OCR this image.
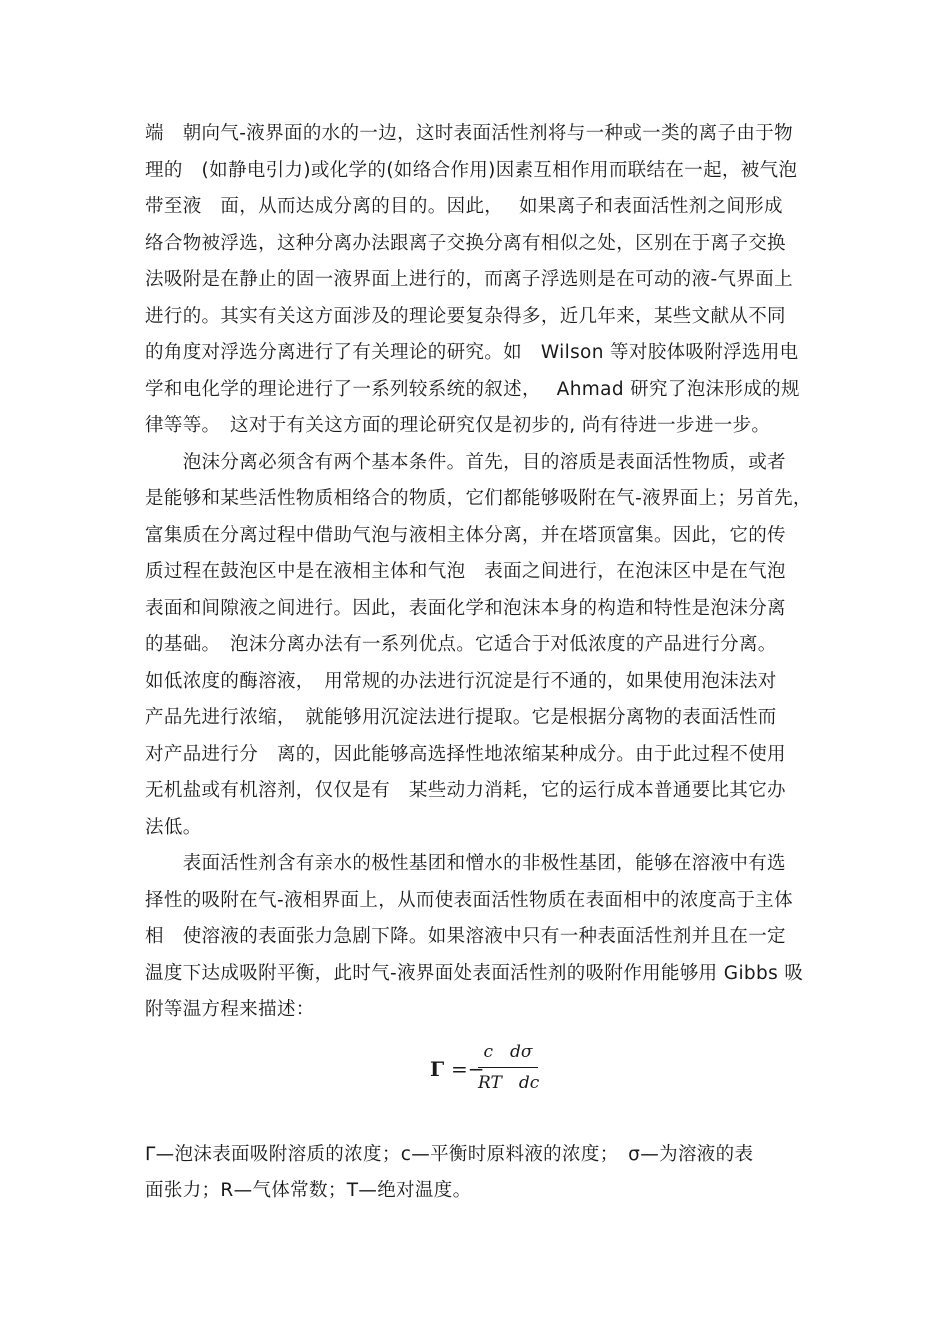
端　朝向气-液界面的水的一边，这时表面活性剂将与一种或一类的离子由于物
理的　(如静电引力)或化学的(如络合作用)因素互相作用而联结在一起，被气泡
带至液　面，从而达成分离的目的。因此，　 如果离子和表面活性剂之间形成
络合物被浮选，这种分离办法跟离子交换分离有相似之处，区别在于离子交换
法吸附是在静止的固一液界面上进行的，而离子浮选则是在可动的液-气界面上
进行的。其实有关这方面涉及的理论要复杂得多，近几年来，某些文献从不同
的角度对浮选分离进行了有关理论的研究。如　Wilson 等对胶体吸附浮选用电
学和电化学的理论进行了一系列较系统的叙述，　 Ahmad 研究了泡沫形成的规
律等等。　这对于有关这方面的理论研究仅是初步的, 尚有待进一步进一步。
　　泡沫分离必须含有两个基本条件。首先，目的溶质是表面活性物质，或者
是能够和某些活性物质相络合的物质，它们都能够吸附在气-液界面上；另首先，
富集质在分离过程中借助气泡与液相主体分离，并在塔顶富集。因此，它的传
质过程在鼓泡区中是在液相主体和气泡　表面之间进行，在泡沫区中是在气泡
表面和间隙液之间进行。因此，表面化学和泡沫本身的构造和特性是泡沫分离
的基础。　泡沫分离办法有一系列优点。它适合于对低浓度的产品进行分离。
如低浓度的酶溶液，　用常规的办法进行沉淀是行不通的，如果使用泡沫法对
产品先进行浓缩，　就能够用沉淀法进行提取。它是根据分离物的表面活性而
对产品进行分　离的，因此能够高选择性地浓缩某种成分。由于此过程不使用
无机盐或有机溶剂，仅仅是有　某些动力消耗，它的运行成本普通要比其它办
法低。
　　表面活性剂含有亲水的极性基团和憎水的非极性基团，能够在溶液中有选
择性的吸附在气-液相界面上，从而使表面活性物质在表面相中的浓度高于主体
相　使溶液的表面张力急剧下降。如果溶液中只有一种表面活性剂并且在一定
温度下达成吸附平衡，此时气-液界面处表面活性剂的吸附作用能够用 Gibbs 吸
附等温方程来描述：
Γ =−
c　dσ
RT　dc
Γ—泡沫表面吸附溶质的浓度；c—平衡时原料液的浓度；　σ—为溶液的表
面张力；R—气体常数；T—绝对温度。
